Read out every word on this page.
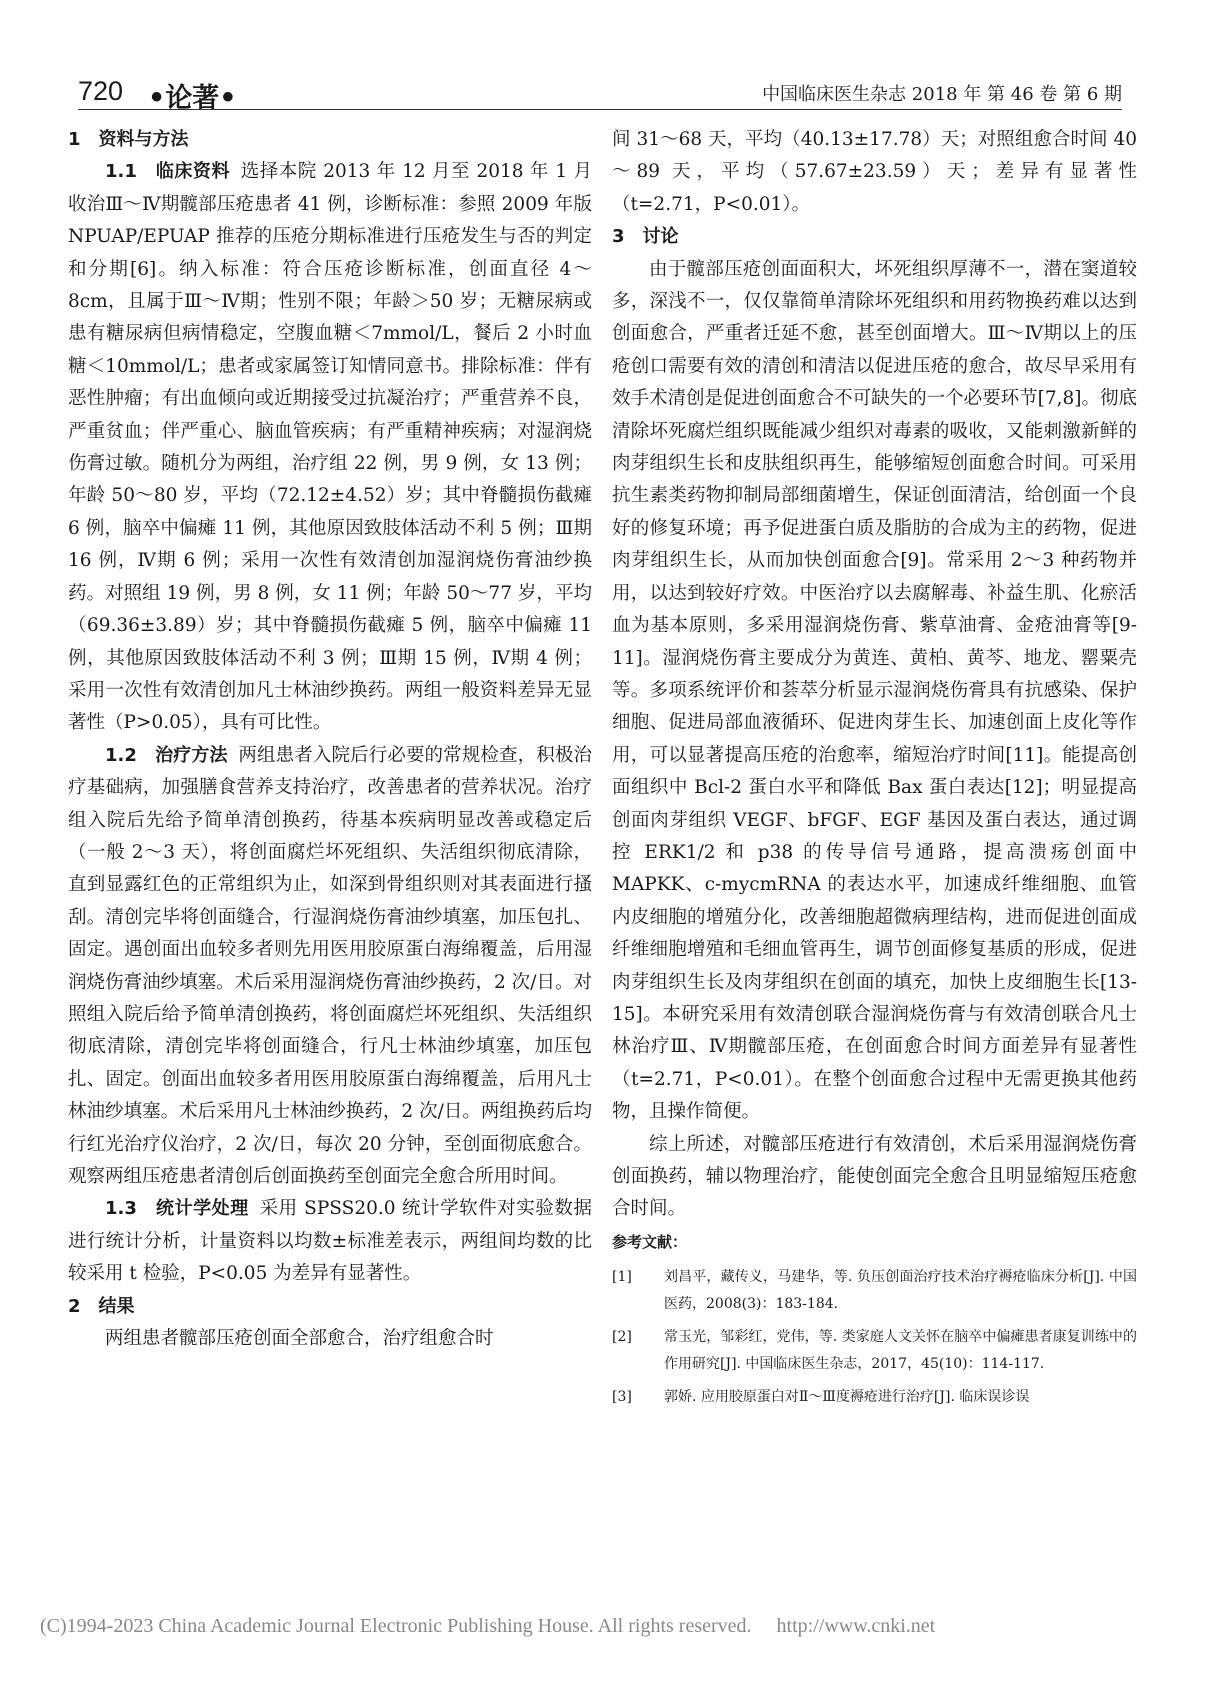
720 •论著•	中国临床医生杂志 2018 年 第 46 卷 第 6 期

1　资料与方法

1.1　临床资料 选择本院 2013 年 12 月至 2018 年 1 月收治Ⅲ～Ⅳ期髋部压疮患者 41 例，诊断标准：参照 2009 年版 NPUAP/EPUAP 推荐的压疮分期标准进行压疮发生与否的判定和分期[6]。纳入标准：符合压疮诊断标准，创面直径 4～8cm，且属于Ⅲ～Ⅳ期；性别不限；年龄＞50 岁；无糖尿病或患有糖尿病但病情稳定，空腹血糖＜7mmol/L，餐后 2 小时血糖＜10mmol/L；患者或家属签订知情同意书。排除标准：伴有恶性肿瘤；有出血倾向或近期接受过抗凝治疗；严重营养不良，严重贫血；伴严重心、脑血管疾病；有严重精神疾病；对湿润烧伤膏过敏。随机分为两组，治疗组 22 例，男 9 例，女 13 例；年龄 50～80 岁，平均（72.12±4.52）岁；其中脊髓损伤截瘫 6 例，脑卒中偏瘫 11 例，其他原因致肢体活动不利 5 例；Ⅲ期 16 例，Ⅳ期 6 例；采用一次性有效清创加湿润烧伤膏油纱换药。对照组 19 例，男 8 例，女 11 例；年龄 50～77 岁，平均（69.36±3.89）岁；其中脊髓损伤截瘫 5 例，脑卒中偏瘫 11 例，其他原因致肢体活动不利 3 例；Ⅲ期 15 例，Ⅳ期 4 例；采用一次性有效清创加凡士林油纱换药。两组一般资料差异无显著性（P>0.05），具有可比性。

1.2　治疗方法 两组患者入院后行必要的常规检查，积极治疗基础病，加强膳食营养支持治疗，改善患者的营养状况。治疗组入院后先给予简单清创换药，待基本疾病明显改善或稳定后（一般 2～3 天），将创面腐烂坏死组织、失活组织彻底清除，直到显露红色的正常组织为止，如深到骨组织则对其表面进行搔刮。清创完毕将创面缝合，行湿润烧伤膏油纱填塞，加压包扎、固定。遇创面出血较多者则先用医用胶原蛋白海绵覆盖，后用湿润烧伤膏油纱填塞。术后采用湿润烧伤膏油纱换药，2 次/日。对照组入院后给予简单清创换药，将创面腐烂坏死组织、失活组织彻底清除，清创完毕将创面缝合，行凡士林油纱填塞，加压包扎、固定。创面出血较多者用医用胶原蛋白海绵覆盖，后用凡士林油纱填塞。术后采用凡士林油纱换药，2 次/日。两组换药后均行红光治疗仪治疗，2 次/日，每次 20 分钟，至创面彻底愈合。观察两组压疮患者清创后创面换药至创面完全愈合所用时间。

1.3　统计学处理 采用 SPSS20.0 统计学软件对实验数据进行统计分析，计量资料以均数±标准差表示，两组间均数的比较采用 t 检验，P<0.05 为差异有显著性。

2　结果

两组患者髋部压疮创面全部愈合，治疗组愈合时

间 31～68 天，平均（40.13±17.78）天；对照组愈合时间 40～89 天，平均（57.67±23.59）天；差异有显著性（t=2.71，P<0.01）。

3　讨论

由于髋部压疮创面面积大，坏死组织厚薄不一，潜在窦道较多，深浅不一，仅仅靠简单清除坏死组织和用药物换药难以达到创面愈合，严重者迁延不愈，甚至创面增大。Ⅲ～Ⅳ期以上的压疮创口需要有效的清创和清洁以促进压疮的愈合，故尽早采用有效手术清创是促进创面愈合不可缺失的一个必要环节[7,8]。彻底清除坏死腐烂组织既能减少组织对毒素的吸收，又能刺激新鲜的肉芽组织生长和皮肤组织再生，能够缩短创面愈合时间。可采用抗生素类药物抑制局部细菌增生，保证创面清洁，给创面一个良好的修复环境；再予促进蛋白质及脂肪的合成为主的药物，促进肉芽组织生长，从而加快创面愈合[9]。常采用 2～3 种药物并用，以达到较好疗效。中医治疗以去腐解毒、补益生肌、化瘀活血为基本原则，多采用湿润烧伤膏、紫草油膏、金疮油膏等[9-11]。湿润烧伤膏主要成分为黄连、黄柏、黄芩、地龙、罂粟壳等。多项系统评价和荟萃分析显示湿润烧伤膏具有抗感染、保护细胞、促进局部血液循环、促进肉芽生长、加速创面上皮化等作用，可以显著提高压疮的治愈率，缩短治疗时间[11]。能提高创面组织中 Bcl-2 蛋白水平和降低 Bax 蛋白表达[12]；明显提高创面肉芽组织 VEGF、bFGF、EGF 基因及蛋白表达，通过调控 ERK1/2 和 p38 的传导信号通路，提高溃疡创面中 MAPKK、c-mycmRNA 的表达水平，加速成纤维细胞、血管内皮细胞的增殖分化，改善细胞超微病理结构，进而促进创面成纤维细胞增殖和毛细血管再生，调节创面修复基质的形成，促进肉芽组织生长及肉芽组织在创面的填充，加快上皮细胞生长[13-15]。本研究采用有效清创联合湿润烧伤膏与有效清创联合凡士林治疗Ⅲ、Ⅳ期髋部压疮，在创面愈合时间方面差异有显著性（t=2.71，P<0.01）。在整个创面愈合过程中无需更换其他药物，且操作简便。

综上所述，对髋部压疮进行有效清创，术后采用湿润烧伤膏创面换药，辅以物理治疗，能使创面完全愈合且明显缩短压疮愈合时间。

参考文献：

[1]	刘昌平，藏传义，马建华，等. 负压创面治疗技术治疗褥疮临床分析[J]. 中国医药，2008(3)：183-184.
[2]	常玉光，邹彩红，党伟，等. 类家庭人文关怀在脑卒中偏瘫患者康复训练中的作用研究[J]. 中国临床医生杂志，2017，45(10)：114-117.
[3]	郭娇. 应用胶原蛋白对Ⅱ～Ⅲ度褥疮进行治疗[J]. 临床误诊误
(C)1994-2023 China Academic Journal Electronic Publishing House. All rights reserved.　 http://www.cnki.net
